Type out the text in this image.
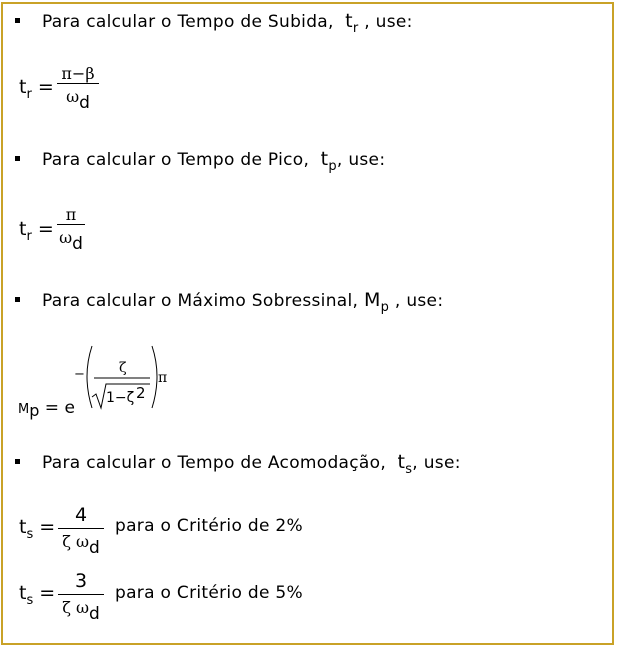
Para calcular o Tempo de Subida, $t_r$ , use:
$t_r$ =
π−β
ωd
Para calcular o Tempo de Pico, $t_p$, use:
$t_r$ =
π
ωd
Para calcular o Máximo Sobressinal, $M_p$ , use:
Mp = e
− ζ
1−ζ 2
π
Para calcular o Tempo de Acomodação, $t_s$, use:
$t_s$ =
4
ζ ωd
para o Critério de 2%
$t_s$ =
3
ζ ωd
para o Critério de 5%
